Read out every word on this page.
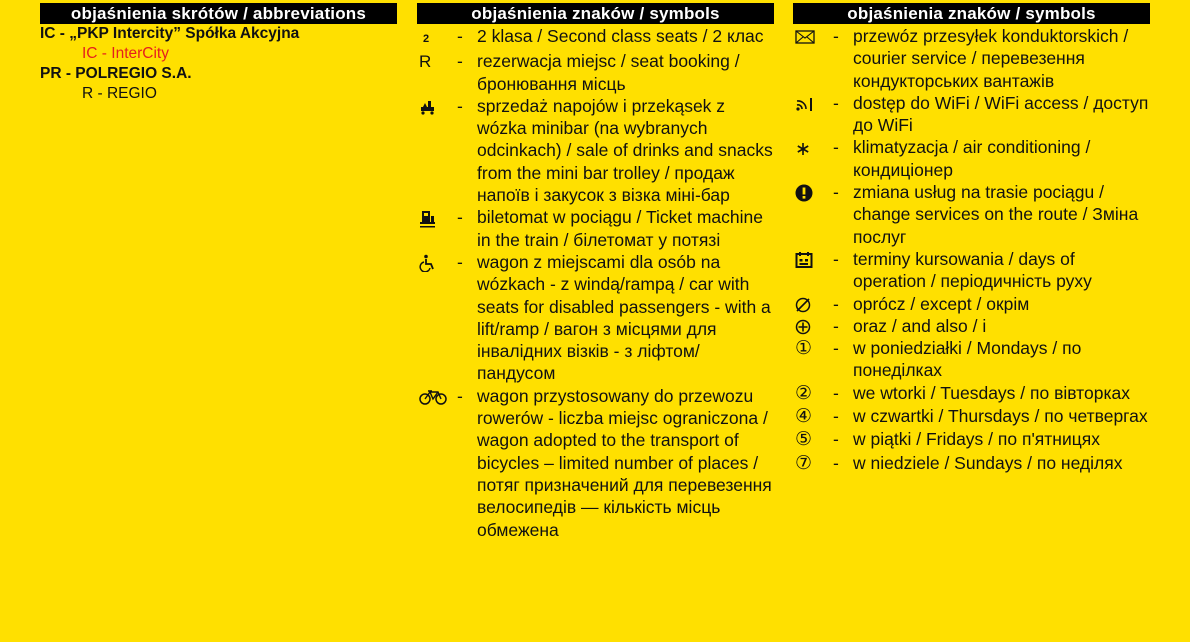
objaśnienia skrótów / abbreviations
IC - „PKP Intercity” Spółka Akcyjna
IC - InterCity
PR - POLREGIO S.A.
R - REGIO
objaśnienia znaków / symbols
2	- 2 klasa / Second class seats / 2 клас
R	- rezerwacja miejsc / seat booking / бронювання місць
- sprzedaż napojów i przekąsek z wózka minibar (na wybranych odcinkach) / sale of drinks and snacks from the mini bar trolley / продаж напоїв і закусок з візка міні-бар
- biletomat w pociągu / Ticket machine in the train / білетомат у потязі
- wagon z miejscami dla osób na wózkach - z windą/rampą / car with seats for disabled passengers - with a lift/ramp / вагон з місцями для інвалідних візків - з ліфтом/пандусом
- wagon przystosowany do przewozu rowerów - liczba miejsc ograniczona / wagon adopted to the transport of bicycles – limited number of places / потяг призначений для перевезення велосипедів — кількість місць обмежена
objaśnienia znaków / symbols
- przewóz przesyłek konduktorskich / courier service / перевезення кондукторських вантажів
- dostęp do WiFi / WiFi access / доступ до WiFi
- klimatyzacja / air conditioning / кондиціонер
- zmiana usług na trasie pociągu / change services on the route / Зміна послуг
- terminy kursowania / days of operation / періодичність руху
- oprócz / except / окрім
- oraz / and also / і
①	- w poniedziałki / Mondays / по понеділках
②	- we wtorki / Tuesdays / по вівторках
④	- w czwartki / Thursdays / по четвергах
⑤	- w piątki / Fridays / по п'ятницях
⑦	- w niedziele / Sundays / по неділях
